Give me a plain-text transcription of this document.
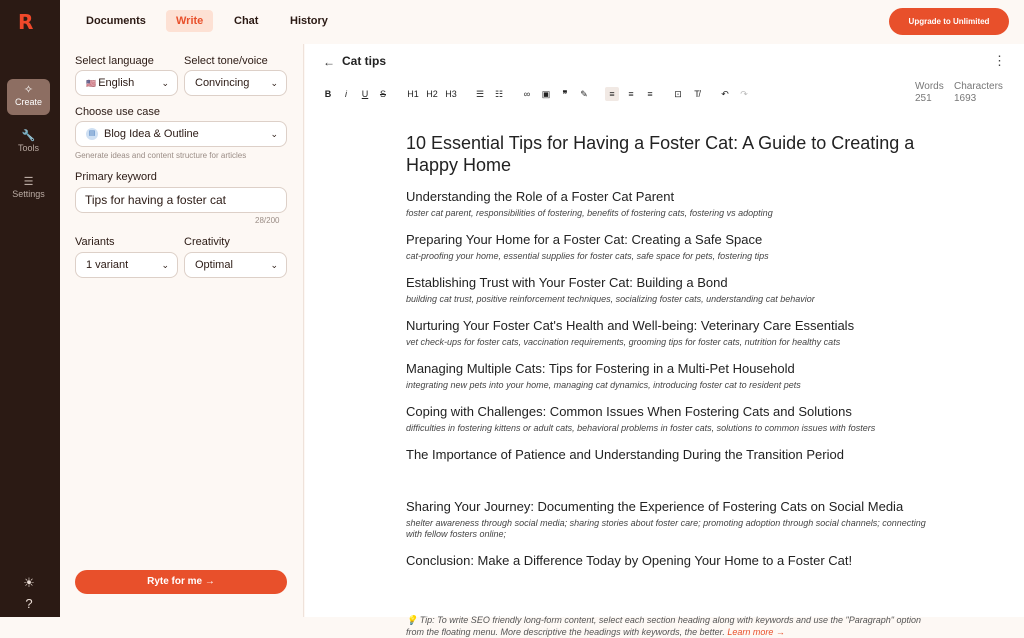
R
✧
Create
🔧
Tools
☰
Settings
☀
?
Documents	Write	Chat	History	Upgrade to Unlimited
Select language	Select tone/voice
🇺🇸 English	⌄	Convincing ⌄
Choose use case
▤ Blog Idea & Outline	⌄
Generate ideas and content structure for articles
Primary keyword
Tips for having a foster cat
28/200
Variants	Creativity
1 variant	⌄	Optimal	⌄
Ryte for me →
← Cat tips	⋮
B	i	U S H1 H2 H3 ☰ ☷	∞	▣	❞	✎	≡	≡	≡	⊡	T̸	↶ ↷
Words
251
Characters
1693
10 Essential Tips for Having a Foster Cat: A Guide to Creating a Happy Home
Understanding the Role of a Foster Cat Parent
foster cat parent, responsibilities of fostering, benefits of fostering cats, fostering vs adopting
Preparing Your Home for a Foster Cat: Creating a Safe Space
cat-proofing your home, essential supplies for foster cats, safe space for pets, fostering tips
Establishing Trust with Your Foster Cat: Building a Bond
building cat trust, positive reinforcement techniques, socializing foster cats, understanding cat behavior
Nurturing Your Foster Cat's Health and Well-being: Veterinary Care Essentials
vet check-ups for foster cats, vaccination requirements, grooming tips for foster cats, nutrition for healthy cats
Managing Multiple Cats: Tips for Fostering in a Multi-Pet Household
integrating new pets into your home, managing cat dynamics, introducing foster cat to resident pets
Coping with Challenges: Common Issues When Fostering Cats and Solutions
difficulties in fostering kittens or adult cats, behavioral problems in foster cats, solutions to common issues with fosters
The Importance of Patience and Understanding During the Transition Period
Sharing Your Journey: Documenting the Experience of Fostering Cats on Social Media
shelter awareness through social media; sharing stories about foster care; promoting adoption through social channels; connecting with fellow fosters online;
Conclusion: Make a Difference Today by Opening Your Home to a Foster Cat!
💡 Tip: To write SEO friendly long-form content, select each section heading along with keywords and use the "Paragraph" option from the floating menu. More descriptive the headings with keywords, the better. Learn more →
